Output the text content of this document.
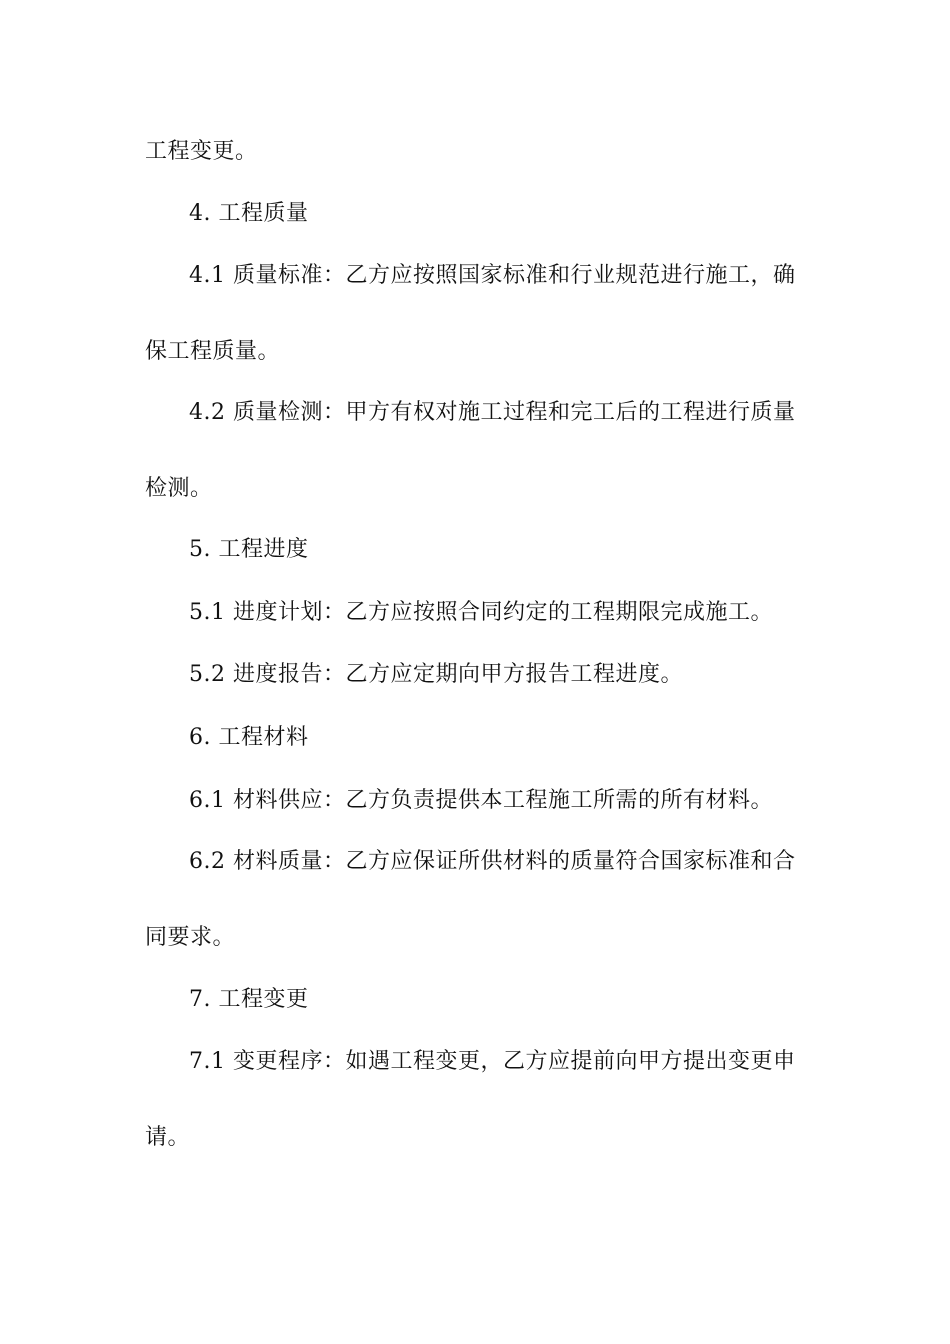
工程变更。
4. 工程质量
4.1 质量标准：乙方应按照国家标准和行业规范进行施工，确
保工程质量。
4.2 质量检测：甲方有权对施工过程和完工后的工程进行质量
检测。
5. 工程进度
5.1 进度计划：乙方应按照合同约定的工程期限完成施工。
5.2 进度报告：乙方应定期向甲方报告工程进度。
6. 工程材料
6.1 材料供应：乙方负责提供本工程施工所需的所有材料。
6.2 材料质量：乙方应保证所供材料的质量符合国家标准和合
同要求。
7. 工程变更
7.1 变更程序：如遇工程变更，乙方应提前向甲方提出变更申
请。
